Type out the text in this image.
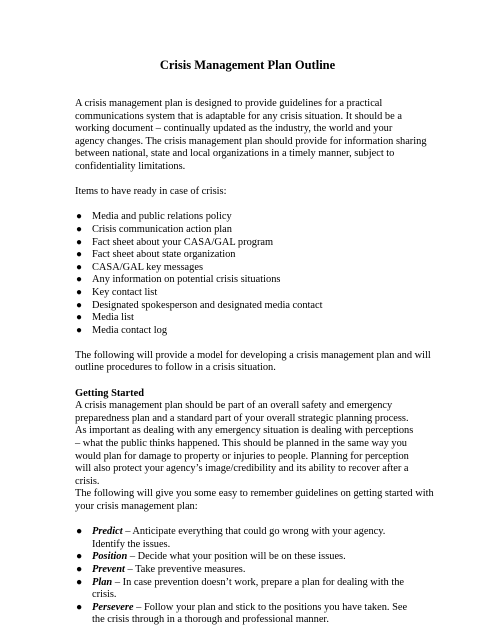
Crisis Management Plan Outline

A crisis management plan is designed to provide guidelines for a practical

communications system that is adaptable for any crisis situation. It should be a

working document – continually updated as the industry, the world and your

agency changes. The crisis management plan should provide for information sharing

between national, state and local organizations in a timely manner, subject to

confidentiality limitations.

Items to have ready in case of crisis:

● Media and public relations policy
● Crisis communication action plan
● Fact sheet about your CASA/GAL program
● Fact sheet about state organization
● CASA/GAL key messages
● Any information on potential crisis situations
● Key contact list
● Designated spokesperson and designated media contact
● Media list
● Media contact log

The following will provide a model for developing a crisis management plan and will

outline procedures to follow in a crisis situation.

Getting Started

A crisis management plan should be part of an overall safety and emergency

preparedness plan and a standard part of your overall strategic planning process.

As important as dealing with any emergency situation is dealing with perceptions

– what the public thinks happened. This should be planned in the same way you

would plan for damage to property or injuries to people. Planning for perception

will also protect your agency’s image/credibility and its ability to recover after a

crisis.

The following will give you some easy to remember guidelines on getting started with

your crisis management plan:

● Predict – Anticipate everything that could go wrong with your agency.
Identify the issues.
● Position – Decide what your position will be on these issues.
● Prevent – Take preventive measures.
● Plan – In case prevention doesn’t work, prepare a plan for dealing with the
crisis.
● Persevere – Follow your plan and stick to the positions you have taken. See
the crisis through in a thorough and professional manner.
